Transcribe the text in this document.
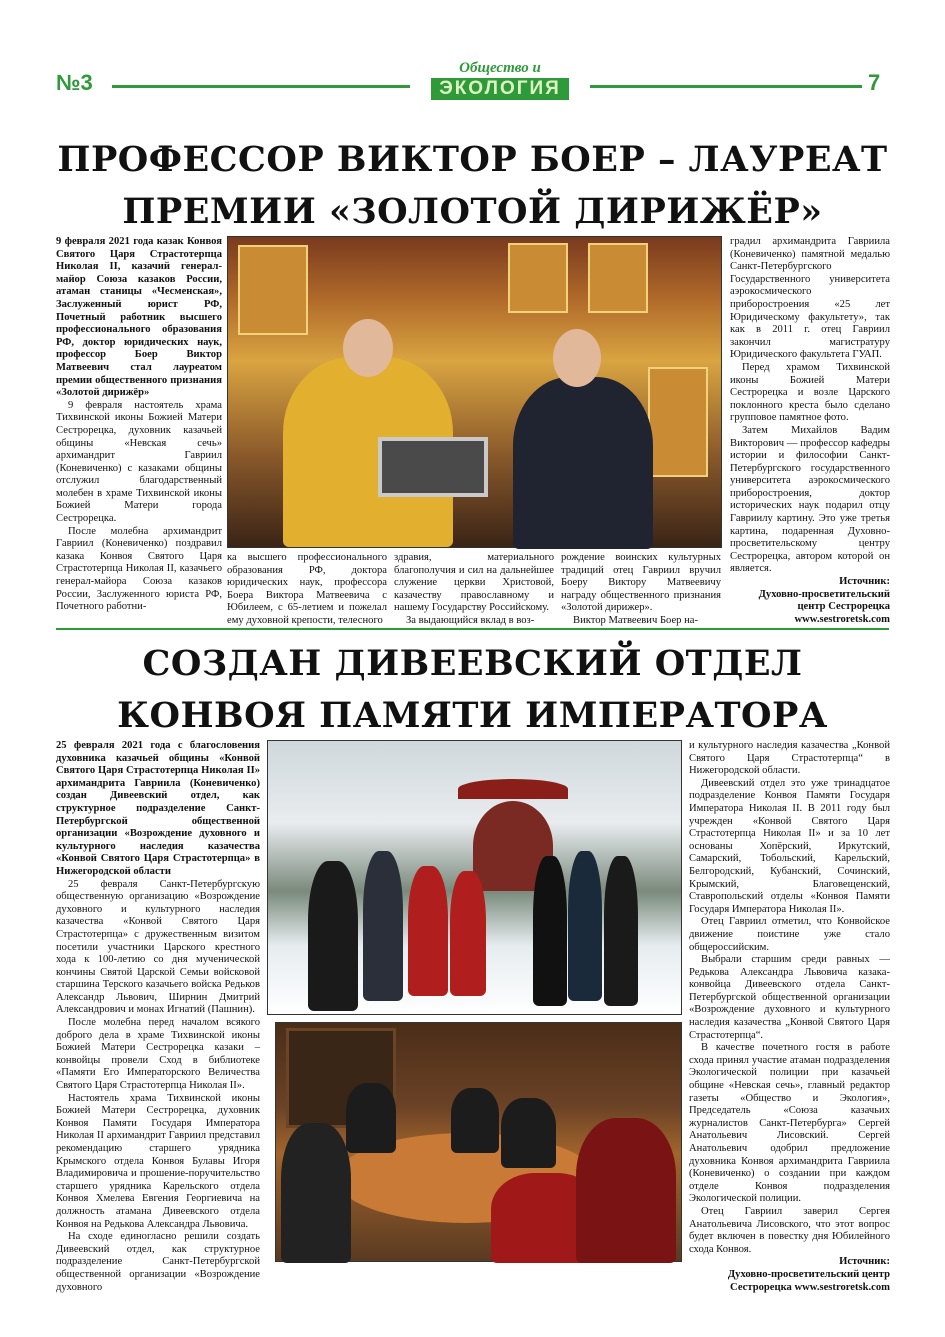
№3
Общество и
ЭКОЛОГИЯ	7
ПРОФЕССОР ВИКТОР БОЕР – ЛАУРЕАТ
ПРЕМИИ «ЗОЛОТОЙ ДИРИЖЁР»

9 февраля 2021 года казак Конвоя Святого Царя Страстотерпца Николая II, казачий генерал-майор Союза казаков России, атаман станицы «Чесменская», Заслуженный юрист РФ, Почетный работник высшего профессионального образования РФ, доктор юридических наук, профессор Боер Виктор Матвеевич стал лауреатом премии общественного признания «Золотой дирижёр»

9 февраля настоятель храма Тихвинской иконы Божией Матери Сестрорецка, духовник казачьей общины «Невская сечь» архимандрит Гавриил (Коневиченко) с казаками общины отслужил благодарственный молебен в храме Тихвинской иконы Божией Матери города Сестрорецка.

После молебна архимандрит Гавриил (Коневиченко) поздравил казака Конвоя Святого Царя Страстотерпца Николая II, казачьего генерал-майора Союза казаков России, Заслуженного юриста РФ, Почетного работни-

ка высшего профессионального образования РФ, доктора юридических наук, профессора Боера Виктора Матвеевича с Юбилеем, с 65-летием и пожелал ему духовной крепости, телесного

здравия, материального благополучия и сил на дальнейшее служение церкви Христовой, казачеству православному и нашему Государству Российскому.

За выдающийся вклад в воз-

рождение воинских культурных традиций отец Гавриил вручил Боеру Виктору Матвеевичу награду общественного признания «Золотой дирижер».

Виктор Матвеевич Боер на-

градил архимандрита Гавриила (Коневиченко) памятной медалью Санкт-Петербургского Государственного университета аэрокосмического приборостроения «25 лет Юридическому факультету», так как в 2011 г. отец Гавриил закончил магистратуру Юридического факультета ГУАП.

Перед храмом Тихвинской иконы Божией Матери Сестрорецка и возле Царского поклонного креста было сделано групповое памятное фото.

Затем Михайлов Вадим Викторович — профессор кафедры истории и философии Санкт-Петербургского государственного университета аэрокосмического приборостроения, доктор исторических наук подарил отцу Гавриилу картину. Это уже третья картина, подаренная Духовно-просветительскому центру Сестрорецка, автором которой он является.

Источник:

Духовно-просветительский центр Сестрорецка

www.sestroretsk.com

СОЗДАН ДИВЕЕВСКИЙ ОТДЕЛ
КОНВОЯ ПАМЯТИ ИМПЕРАТОРА

25 февраля 2021 года с благословения духовника казачьей общины «Конвой Святого Царя Страстотерпца Николая II» архимандрита Гавриила (Коневиченко) создан Дивеевский отдел, как структурное подразделение Санкт-Петербургской общественной организации «Возрождение духовного и культурного наследия казачества «Конвой Святого Царя Страстотерпца» в Нижегородской области

25 февраля Санкт-Петербургскую общественную организацию «Возрождение духовного и культурного наследия казачества «Конвой Святого Царя Страстотерпца» с дружественным визитом посетили участники Царского крестного хода к 100-летию со дня мученической кончины Святой Царской Семьи войсковой старшина Терского казачьего войска Редьков Александр Львович, Ширнин Дмитрий Александрович и монах Игнатий (Пашнин).

После молебна перед началом всякого доброго дела в храме Тихвинской иконы Божией Матери Сестрорецка казаки – конвойцы провели Сход в библиотеке «Памяти Его Императорского Величества Святого Царя Страстотерпца Николая II».

Настоятель храма Тихвинской иконы Божией Матери Сестрорецка, духовник Конвоя Памяти Государя Императора Николая II архимандрит Гавриил представил рекомендацию старшего урядника Крымского отдела Конвоя Булавы Игоря Владимировича и прошение-поручительство старшего урядника Карельского отдела Конвоя Хмелева Евгения Георгиевича на должность атамана Дивеевского отдела Конвоя на Редькова Александра Львовича.

На сходе единогласно решили создать Дивеевский отдел, как структурное подразделение Санкт-Петербургской общественной организации «Возрождение духовного

и культурного наследия казачества „Конвой Святого Царя Страстотерпца“ в Нижегородской области.

Дивеевский отдел это уже тринадцатое подразделение Конвоя Памяти Государя Императора Николая II. В 2011 году был учрежден «Конвой Святого Царя Страстотерпца Николая II» и за 10 лет основаны Хопёрский, Иркутский, Самарский, Тобольский, Карельский, Белгородский, Кубанский, Сочинский, Крымский, Благовещенский, Ставропольский отделы «Конвоя Памяти Государя Императора Николая II».

Отец Гавриил отметил, что Конвойское движение поистине уже стало общероссийским.

Выбрали старшим среди равных — Редькова Александра Львовича казака-конвойца Дивеевского отдела Санкт-Петербургской общественной организации «Возрождение духовного и культурного наследия казачества „Конвой Святого Царя Страстотерпца“.

В качестве почетного гостя в работе схода принял участие атаман подразделения Экологической полиции при казачьей общине «Невская сечь», главный редактор газеты «Общество и Экология», Председатель «Союза казачьих журналистов Санкт-Петербурга» Сергей Анатольевич Лисовский. Сергей Анатольевич одобрил предложение духовника Конвоя архимандрита Гавриила (Коневиченко) о создании при каждом отделе Конвоя подразделения Экологической полиции.

Отец Гавриил заверил Сергея Анатольевича Лисовского, что этот вопрос будет включен в повестку дня Юбилейного схода Конвоя.

Источник:

Духовно-просветительский центр

Сестрорецка www.sestroretsk.com
